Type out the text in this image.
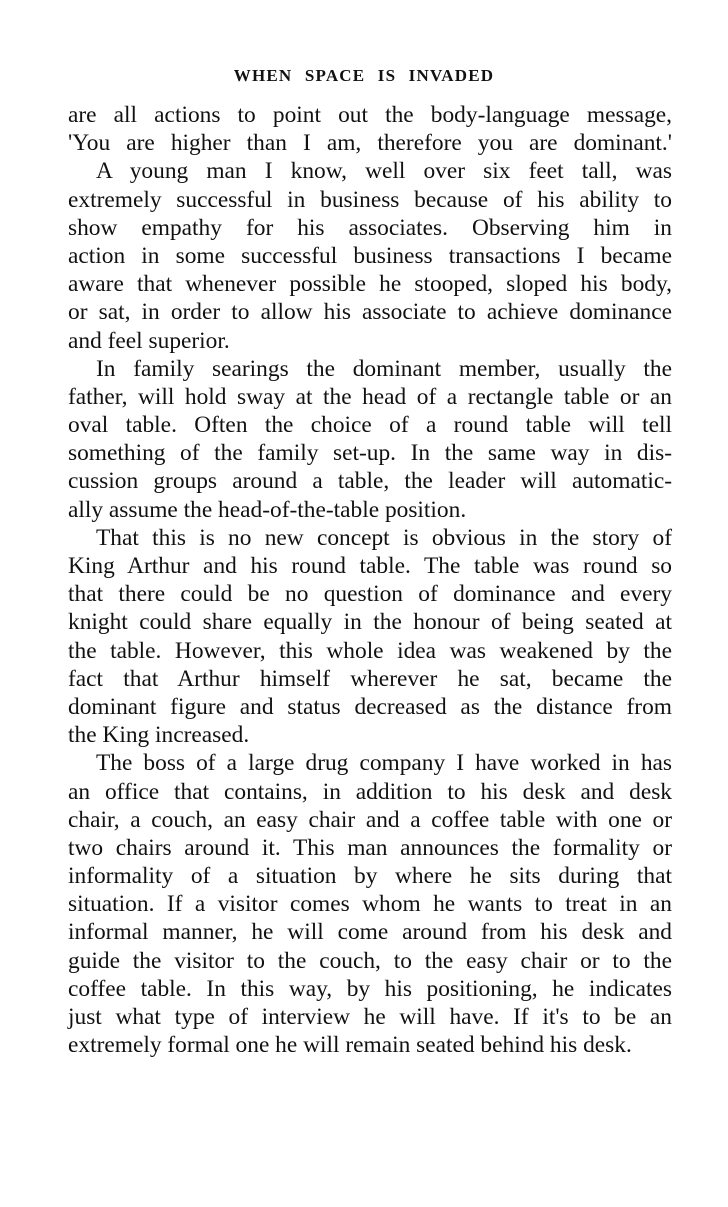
WHEN SPACE IS INVADED
are all actions to point out the body-language message,
'You are higher than I am, therefore you are dominant.'
A young man I know, well over six feet tall, was
extremely successful in business because of his ability to
show empathy for his associates. Observing him in
action in some successful business transactions I became
aware that whenever possible he stooped, sloped his body,
or sat, in order to allow his associate to achieve dominance
and feel superior.
In family searings the dominant member, usually the
father, will hold sway at the head of a rectangle table or an
oval table. Often the choice of a round table will tell
something of the family set-up. In the same way in dis-
cussion groups around a table, the leader will automatic-
ally assume the head-of-the-table position.
That this is no new concept is obvious in the story of
King Arthur and his round table. The table was round so
that there could be no question of dominance and every
knight could share equally in the honour of being seated at
the table. However, this whole idea was weakened by the
fact that Arthur himself wherever he sat, became the
dominant figure and status decreased as the distance from
the King increased.
The boss of a large drug company I have worked in has
an office that contains, in addition to his desk and desk
chair, a couch, an easy chair and a coffee table with one or
two chairs around it. This man announces the formality or
informality of a situation by where he sits during that
situation. If a visitor comes whom he wants to treat in an
informal manner, he will come around from his desk and
guide the visitor to the couch, to the easy chair or to the
coffee table. In this way, by his positioning, he indicates
just what type of interview he will have. If it's to be an
extremely formal one he will remain seated behind his desk.
